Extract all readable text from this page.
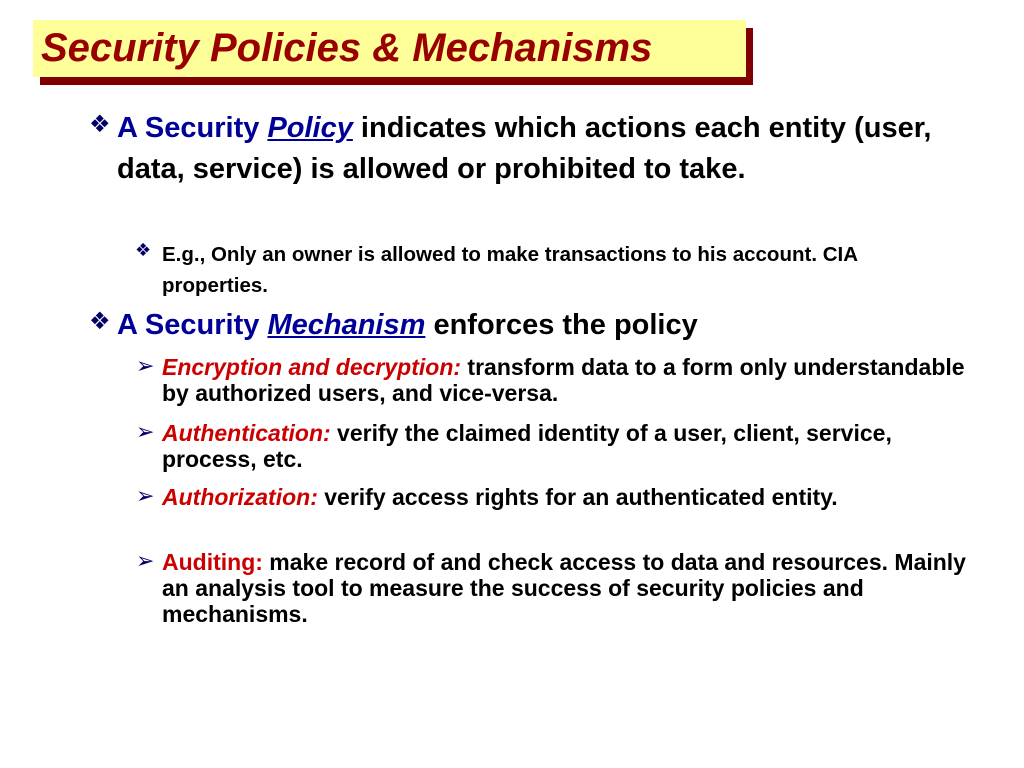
Security Policies & Mechanisms
❖ A Security Policy indicates which actions each entity (user, data, service) is allowed or prohibited to take.
❖ E.g., Only an owner is allowed to make transactions to his account. CIA properties.
❖ A Security Mechanism enforces the policy
➢ Encryption and decryption: transform data to a form only understandable by authorized users, and vice-versa.
➢ Authentication: verify the claimed identity of a user, client, service, process, etc.
➢ Authorization: verify access rights for an authenticated entity.
➢ Auditing: make record of and check access to data and resources. Mainly an analysis tool to measure the success of security policies and mechanisms.
